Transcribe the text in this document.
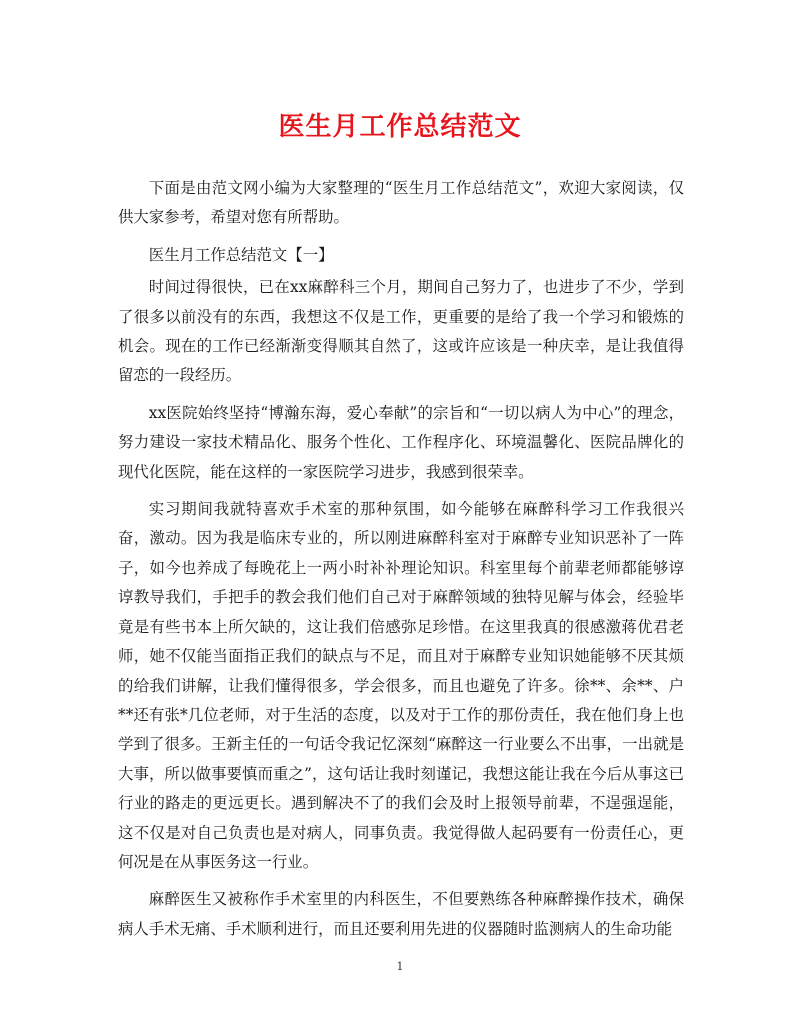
医生月工作总结范文

下面是由范文网小编为大家整理的“医生月工作总结范文”，欢迎大家阅读，仅供大家参考，希望对您有所帮助。

医生月工作总结范文【一】

时间过得很快，已在xx麻醉科三个月，期间自己努力了，也进步了不少，学到了很多以前没有的东西，我想这不仅是工作，更重要的是给了我一个学习和锻炼的机会。现在的工作已经渐渐变得顺其自然了，这或许应该是一种庆幸，是让我值得留恋的一段经历。

xx医院始终坚持“博瀚东海，爱心奉献”的宗旨和“一切以病人为中心”的理念，努力建设一家技术精品化、服务个性化、工作程序化、环境温馨化、医院品牌化的现代化医院，能在这样的一家医院学习进步，我感到很荣幸。

实习期间我就特喜欢手术室的那种氛围，如今能够在麻醉科学习工作我很兴奋，激动。因为我是临床专业的，所以刚进麻醉科室对于麻醉专业知识恶补了一阵子，如今也养成了每晚花上一两小时补补理论知识。科室里每个前辈老师都能够谆谆教导我们，手把手的教会我们他们自己对于麻醉领域的独特见解与体会，经验毕竟是有些书本上所欠缺的，这让我们倍感弥足珍惜。在这里我真的很感激蒋优君老师，她不仅能当面指正我们的缺点与不足，而且对于麻醉专业知识她能够不厌其烦的给我们讲解，让我们懂得很多，学会很多，而且也避免了许多。徐**、余**、户**还有张*几位老师，对于生活的态度，以及对于工作的那份责任，我在他们身上也学到了很多。王新主任的一句话令我记忆深刻“麻醉这一行业要么不出事，一出就是大事，所以做事要慎而重之”，这句话让我时刻谨记，我想这能让我在今后从事这已行业的路走的更远更长。遇到解决不了的我们会及时上报领导前辈，不逞强逞能，这不仅是对自己负责也是对病人，同事负责。我觉得做人起码要有一份责任心，更何况是在从事医务这一行业。

麻醉医生又被称作手术室里的内科医生，不但要熟练各种麻醉操作技术，确保病人手术无痛、手术顺利进行，而且还要利用先进的仪器随时监测病人的生命功能

1
